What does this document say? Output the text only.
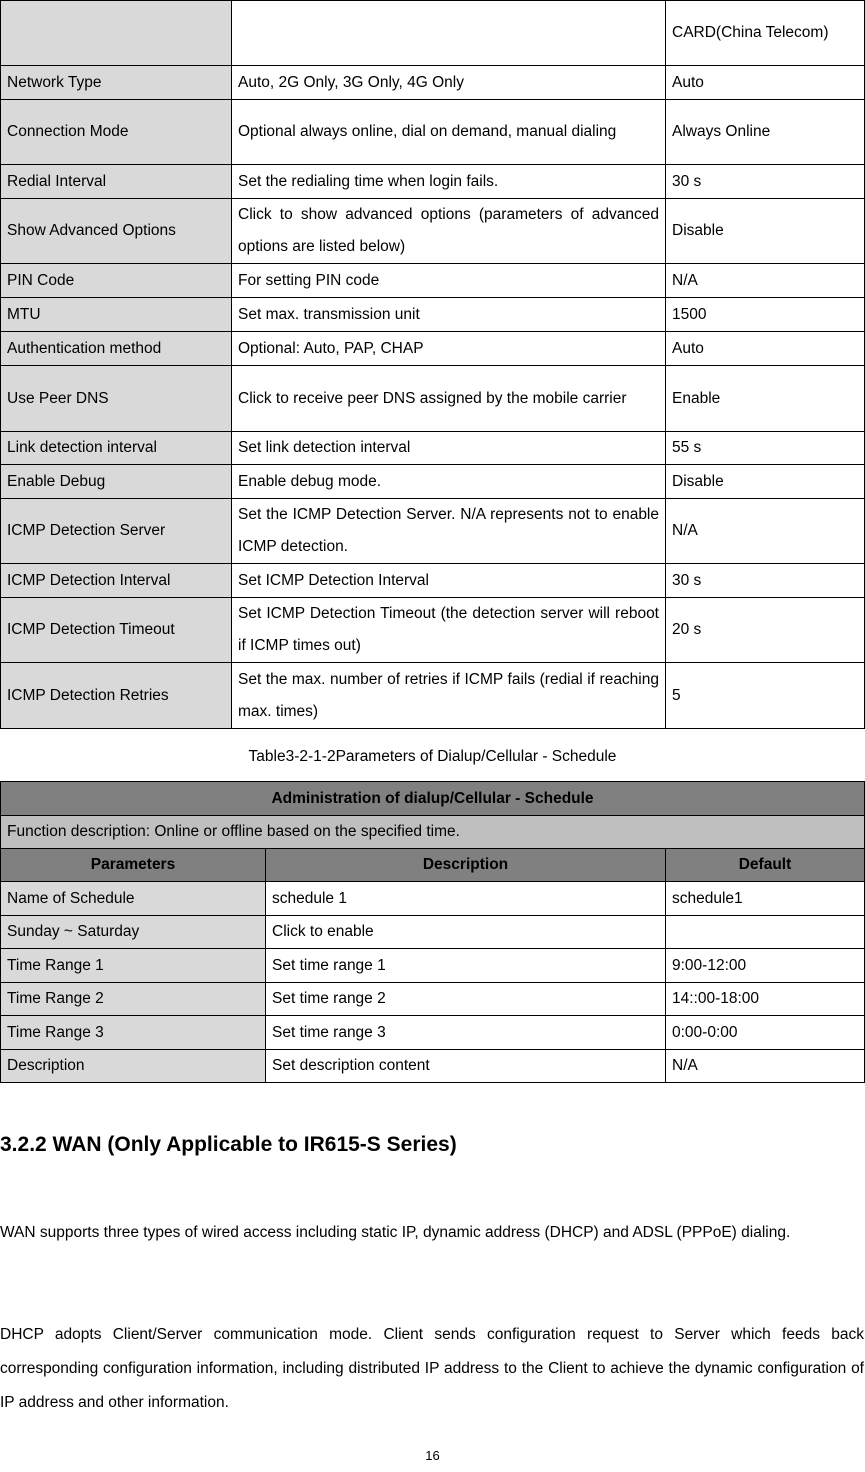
		CARD(China Telecom)
Network Type	Auto, 2G Only, 3G Only, 4G Only	Auto
Connection Mode	Optional always online, dial on demand, manual dialing	Always Online
Redial Interval	Set the redialing time when login fails.	30 s
Show Advanced Options	Click to show advanced options (parameters of advanced options are listed below)	Disable
PIN Code	For setting PIN code	N/A
MTU	Set max. transmission unit	1500
Authentication method	Optional: Auto, PAP, CHAP	Auto
Use Peer DNS	Click to receive peer DNS assigned by the mobile carrier	Enable
Link detection interval	Set link detection interval	55 s
Enable Debug	Enable debug mode.	Disable
ICMP Detection Server	Set the ICMP Detection Server. N/A represents not to enable ICMP detection.	N/A
ICMP Detection Interval	Set ICMP Detection Interval	30 s
ICMP Detection Timeout	Set ICMP Detection Timeout (the detection server will reboot if ICMP times out)	20 s
ICMP Detection Retries	Set the max. number of retries if ICMP fails (redial if reaching max. times)	5
Table3-2-1-2Parameters of Dialup/Cellular - Schedule
Administration of dialup/Cellular - Schedule		
Function description: Online or offline based on the specified time.		
Parameters	Description	Default
Name of Schedule	schedule 1	schedule1
Sunday ~ Saturday	Click to enable	
Time Range 1	Set time range 1	9:00-12:00
Time Range 2	Set time range 2	14::00-18:00
Time Range 3	Set time range 3	0:00-0:00
Description	Set description content	N/A
3.2.2 WAN (Only Applicable to IR615-S Series)
WAN supports three types of wired access including static IP, dynamic address (DHCP) and ADSL (PPPoE) dialing.
DHCP adopts Client/Server communication mode. Client sends configuration request to Server which feeds back corresponding configuration information, including distributed IP address to the Client to achieve the dynamic configuration of IP address and other information.
16
